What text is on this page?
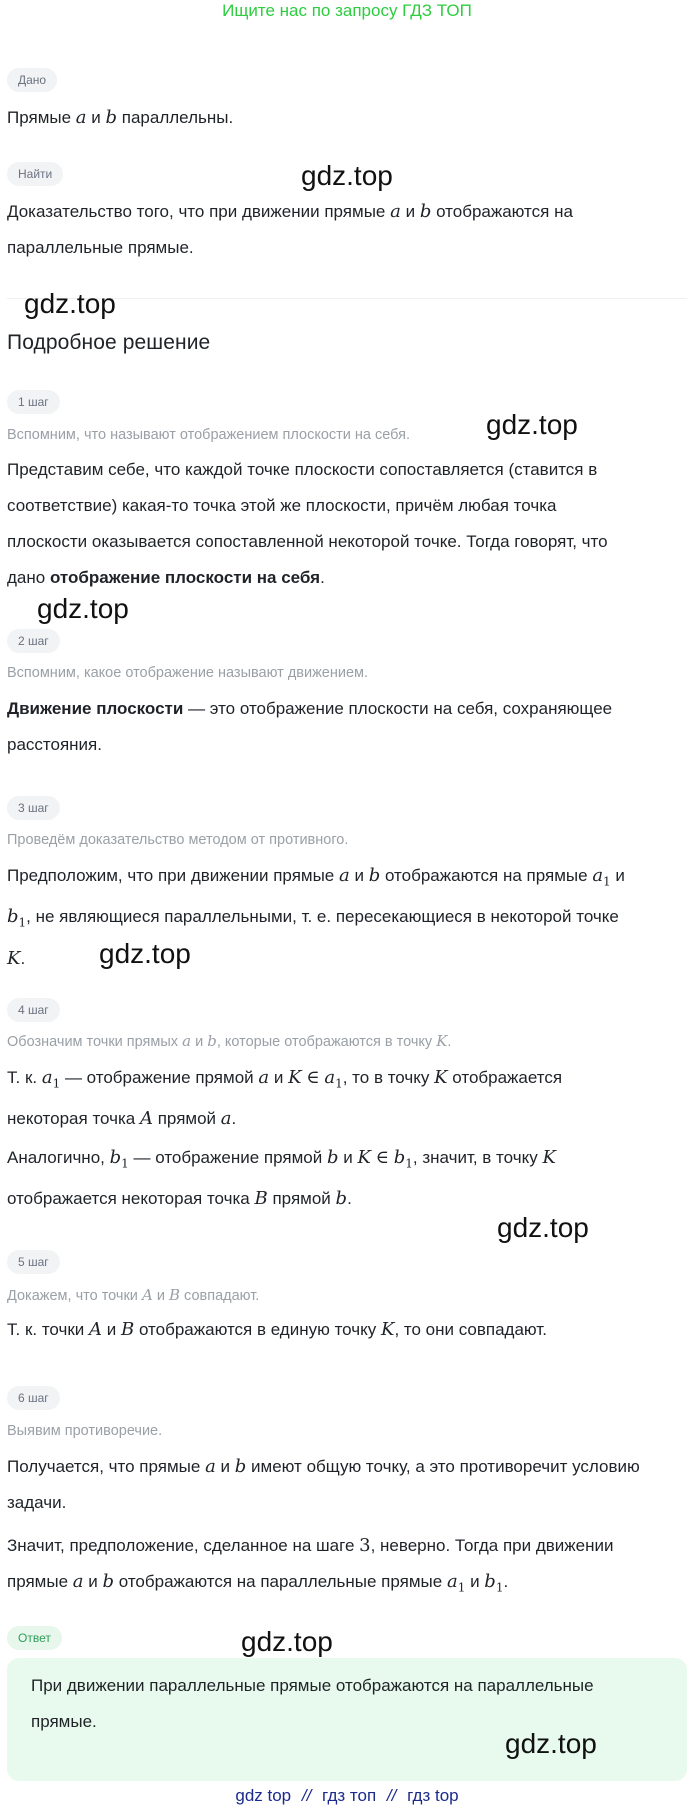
Ищите нас по запросу ГДЗ ТОП
Дано
Прямые a и b параллельны.
Найти
Доказательство того, что при движении прямые a и b отображаются на
параллельные прямые.
Подробное решение
1 шаг
Вспомним, что называют отображением плоскости на себя.
Представим себе, что каждой точке плоскости сопоставляется (ставится в
соответствие) какая-то точка этой же плоскости, причём любая точка
плоскости оказывается сопоставленной некоторой точке. Тогда говорят, что
дано отображение плоскости на себя.
2 шаг
Вспомним, какое отображение называют движением.
Движение плоскости — это отображение плоскости на себя, сохраняющее
расстояния.
3 шаг
Проведём доказательство методом от противного.
Предположим, что при движении прямые a и b отображаются на прямые $a_1$ и
$b_1$, не являющиеся параллельными, т. е. пересекающиеся в некоторой точке
K.
4 шаг
Обозначим точки прямых a и b, которые отображаются в точку K.
Т. к. $a_1$ — отображение прямой a и K ∈ $a_1$, то в точку K отображается
некоторая точка A прямой a.
Аналогично, $b_1$ — отображение прямой b и K ∈ $b_1$, значит, в точку K
отображается некоторая точка B прямой b.
5 шаг
Докажем, что точки A и B совпадают.
Т. к. точки A и B отображаются в единую точку K, то они совпадают.
6 шаг
Выявим противоречие.
Получается, что прямые a и b имеют общую точку, а это противоречит условию
задачи.
Значит, предположение, сделанное на шаге 3, неверно. Тогда при движении
прямые a и b отображаются на параллельные прямые $a_1$ и $b_1$.
Ответ
При движении параллельные прямые отображаются на параллельные
прямые.
gdz.top
gdz.top
gdz.top
gdz.top
gdz.top
gdz.top
gdz.top
gdz.top
gdz top // гдз топ // гдз top
